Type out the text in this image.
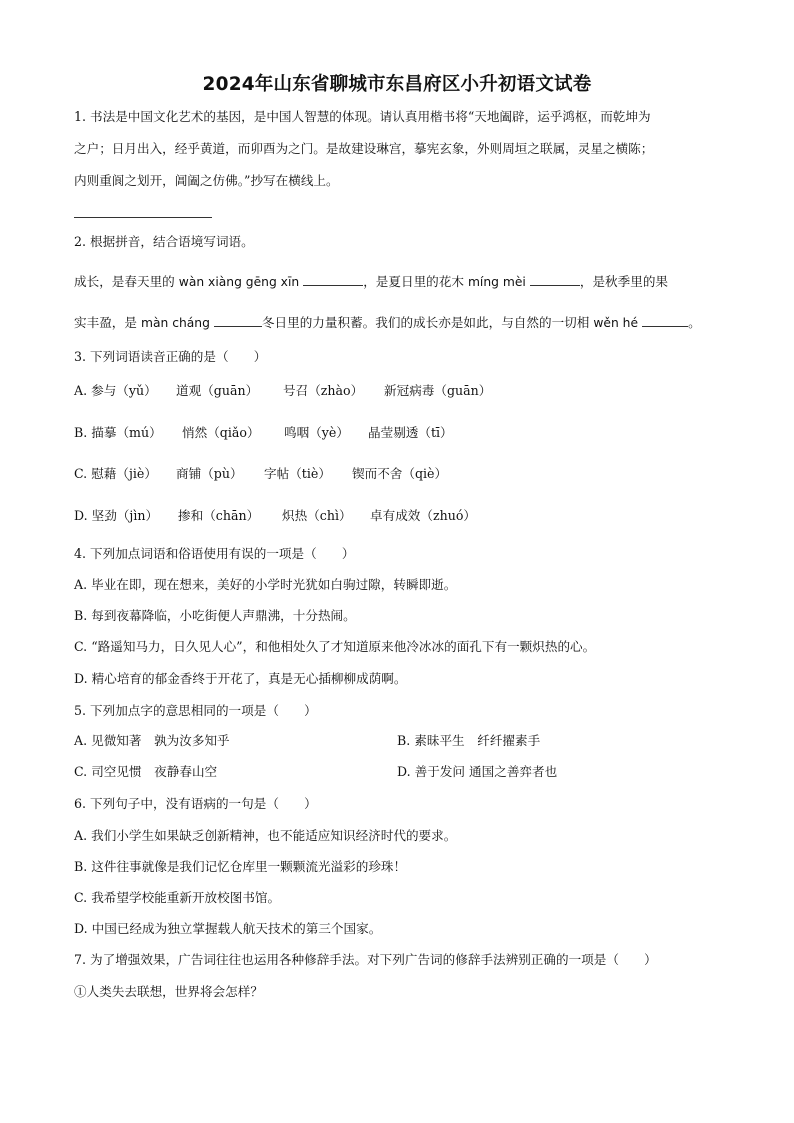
2024年山东省聊城市东昌府区小升初语文试卷
1. 书法是中国文化艺术的基因，是中国人智慧的体现。请认真用楷书将“天地阖辟，运乎鸿枢，而乾坤为
之户；日月出入，经乎黄道，而卯酉为之门。是故建设琳宫，摹宪玄象，外则周垣之联属，灵星之横陈；
内则重阆之划开，阊阖之仿佛。”抄写在横线上。
2. 根据拼音，结合语境写词语。
成长，是春天里的 wàn xiàng gēng xīn	，是夏日里的花木 míng mèi	，是秋季里的果
实丰盈，是 màn cháng	冬日里的力量积蓄。我们的成长亦是如此，与自然的一切相 wěn hé	。
3. 下列词语读音正确的是（　　）
A. 参与（yǔ） 道观（guān） 号召（zhào） 新冠病毒（guān）
B. 描摹（mú） 悄然（qiǎo） 鸣咽（yè） 晶莹剔透（tī）
C. 慰藉（jiè） 商铺（pù） 字帖（tiè） 锲而不舍（qiè）
D. 坚劲（jìn） 掺和（chān） 炽热（chì） 卓有成效（zhuó）
4. 下列加点词语和俗语使用有误的一项是（　　）
A. 毕业在即，现在想来，美好的小学时光犹如白驹过隙，转瞬即逝。
B. 每到夜幕降临，小吃街便人声鼎沸，十分热闹。
C. “路遥知马力，日久见人心”，和他相处久了才知道原来他冷冰冰的面孔下有一颗炽热的心。
D. 精心培育的郁金香终于开花了，真是无心插柳柳成荫啊。
5. 下列加点字的意思相同的一项是（　　）
A. 见微知著　孰为汝多知乎	B. 素昧平生　纤纤擢素手
C. 司空见惯　夜静春山空	D. 善于发问 通国之善弈者也
6. 下列句子中，没有语病的一句是（　　）
A. 我们小学生如果缺乏创新精神，也不能适应知识经济时代的要求。
B. 这件往事就像是我们记忆仓库里一颗颗流光溢彩的珍珠！
C. 我希望学校能重新开放校图书馆。
D. 中国已经成为独立掌握载人航天技术的第三个国家。
7. 为了增强效果，广告词往往也运用各种修辞手法。对下列广告词的修辞手法辨别正确的一项是（　　）
①人类失去联想，世界将会怎样？
